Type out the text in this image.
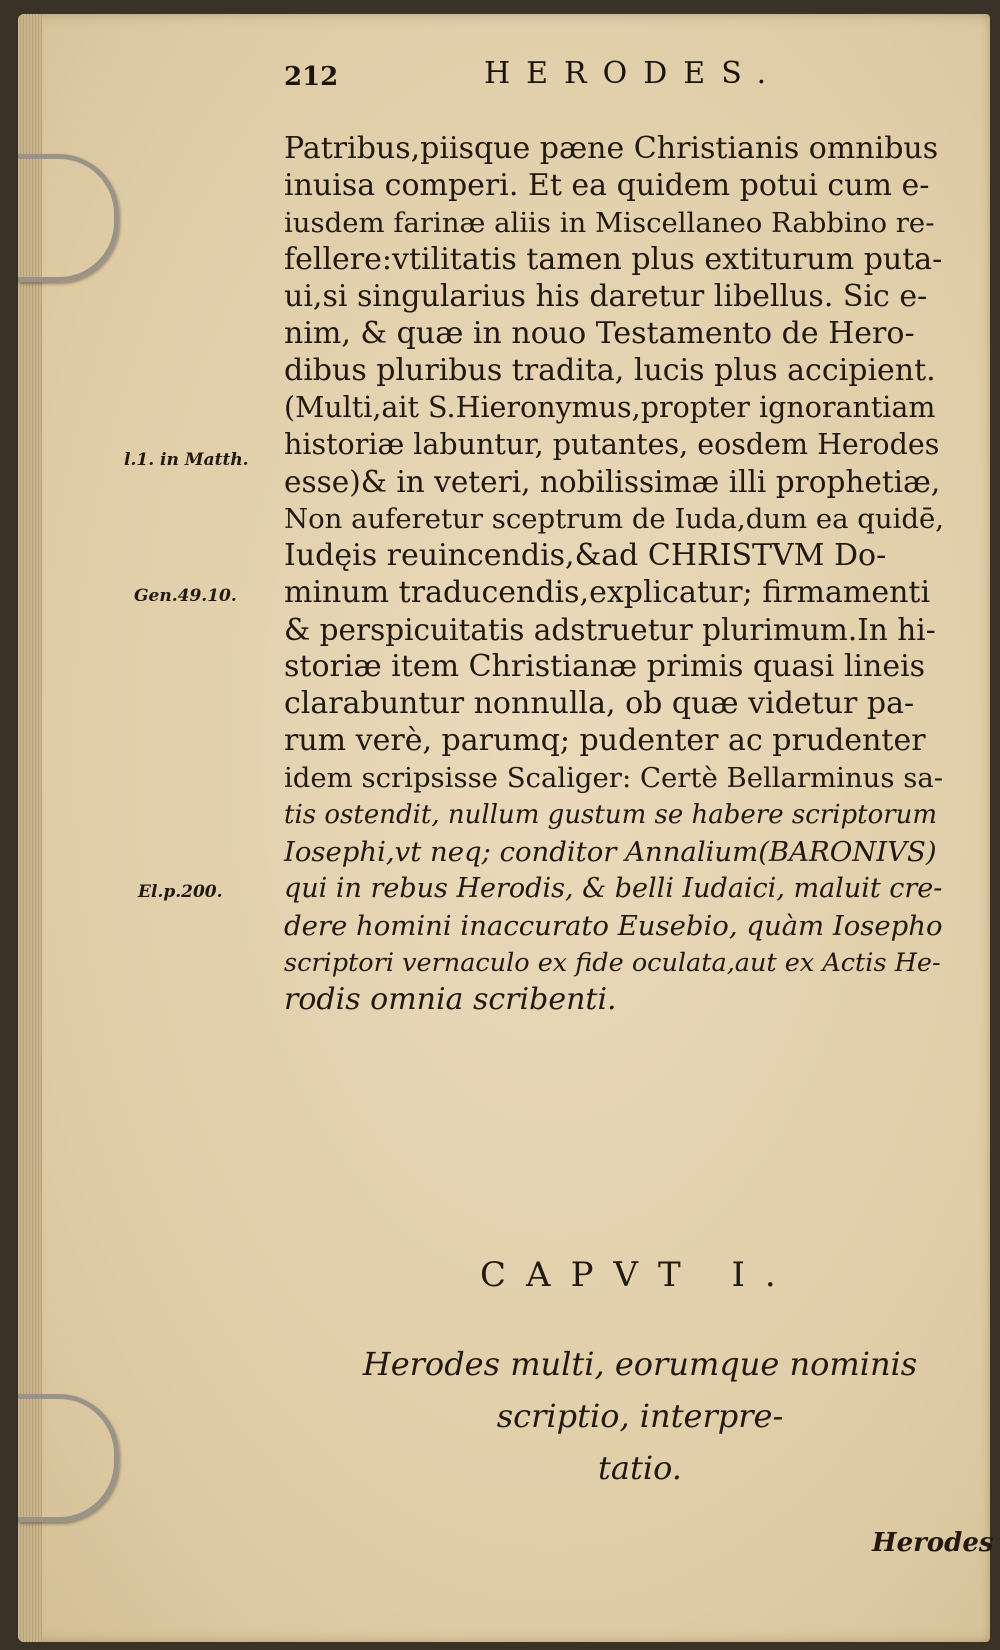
212	HERODES.
Patribus,piisque pæne Christianis omnibus
inuisa comperi. Et ea quidem potui cum e-
iusdem farinæ aliis in Miscellaneo Rabbino re-
fellere:vtilitatis tamen plus extiturum puta-
ui,si singularius his daretur libellus. Sic e-
nim, & quæ in nouo Testamento de Hero-
dibus pluribus tradita, lucis plus accipient.
(Multi,ait S.Hieronymus,propter ignorantiam
historiæ labuntur, putantes, eosdem Herodes
esse)& in veteri, nobilissimæ illi prophetiæ,
Non auferetur sceptrum de Iuda,dum ea quidē,
Iudęis reuincendis,&ad CHRISTVM Do-
minum traducendis,explicatur; firmamenti
& perspicuitatis adstruetur plurimum.In hi-
storiæ item Christianæ primis quasi lineis
clarabuntur nonnulla, ob quæ videtur pa-
rum verè, parumq; pudenter ac prudenter
idem scripsisse Scaliger: Certè Bellarminus sa-
tis ostendit, nullum gustum se habere scriptorum
Iosephi,vt neq; conditor Annalium(BARONIVS)
qui in rebus Herodis, & belli Iudaici, maluit cre-
dere homini inaccurato Eusebio, quàm Iosepho
scriptori vernaculo ex fide oculata,aut ex Actis He-
rodis omnia scribenti.
l.1. in Matth.
Gen.49.10.
El.p.200.
CAPVT I.
Herodes multi, eorumque nominis
scriptio, interpre-
tatio.
Herodes
